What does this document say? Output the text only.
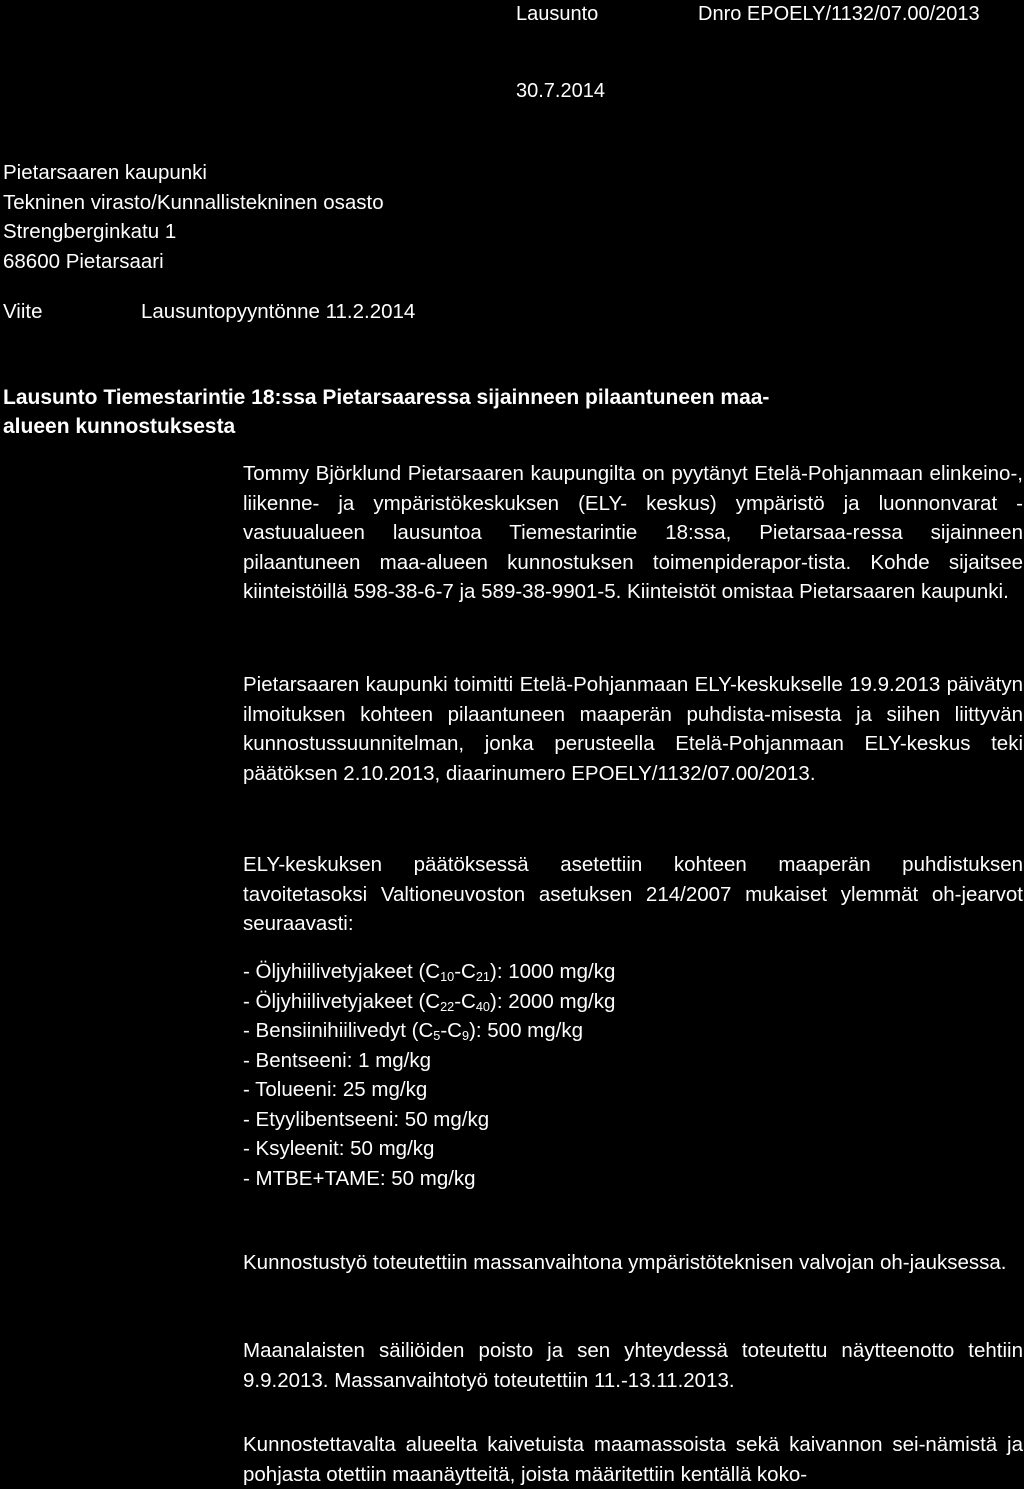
Lausunto	Dnro EPOELY/1132/07.00/2013
30.7.2014
Pietarsaaren kaupunki
Tekninen virasto/Kunnallistekninen osasto
Strengberginkatu 1
68600 Pietarsaari
Viite	Lausuntopyyntönne 11.2.2014
Lausunto Tiemestarintie 18:ssa Pietarsaaressa sijainneen pilaantuneen maa-
alueen kunnostuksesta

Tommy Björklund Pietarsaaren kaupungilta on pyytänyt Etelä-Pohjanmaan elinkeino-, liikenne- ja ympäristökeskuksen (ELY- keskus) ympäristö ja luonnonvarat -vastuualueen lausuntoa Tiemestarintie 18:ssa, Pietarsaa-ressa sijainneen pilaantuneen maa-alueen kunnostuksen toimenpiderapor-tista. Kohde sijaitsee kiinteistöillä 598-38-6-7 ja 589-38-9901-5. Kiinteistöt omistaa Pietarsaaren kaupunki.

Pietarsaaren kaupunki toimitti Etelä-Pohjanmaan ELY-keskukselle 19.9.2013 päivätyn ilmoituksen kohteen pilaantuneen maaperän puhdista-misesta ja siihen liittyvän kunnostussuunnitelman, jonka perusteella Etelä-Pohjanmaan ELY-keskus teki päätöksen 2.10.2013, diaarinumero EPOELY/1132/07.00/2013.

ELY-keskuksen päätöksessä asetettiin kohteen maaperän puhdistuksen tavoitetasoksi Valtioneuvoston asetuksen 214/2007 mukaiset ylemmät oh-jearvot seuraavasti:

- Öljyhiilivetyjakeet $(C_{10}-C_{21})$: 1000 mg/kg
- Öljyhiilivetyjakeet $(C_{22}-C_{40})$: 2000 mg/kg
- Bensiinihiilivedyt $(C_5-C_9)$: 500 mg/kg
- Bentseeni: 1 mg/kg
- Tolueeni: 25 mg/kg
- Etyylibentseeni: 50 mg/kg
- Ksyleenit: 50 mg/kg
- MTBE+TAME: 50 mg/kg

Kunnostustyö toteutettiin massanvaihtona ympäristöteknisen valvojan oh-jauksessa.

Maanalaisten säiliöiden poisto ja sen yhteydessä toteutettu näytteenotto tehtiin 9.9.2013. Massanvaihtotyö toteutettiin 11.-13.11.2013.

Kunnostettavalta alueelta kaivetuista maamassoista sekä kaivannon sei-nämistä ja pohjasta otettiin maanäytteitä, joista määritettiin kentällä koko-
